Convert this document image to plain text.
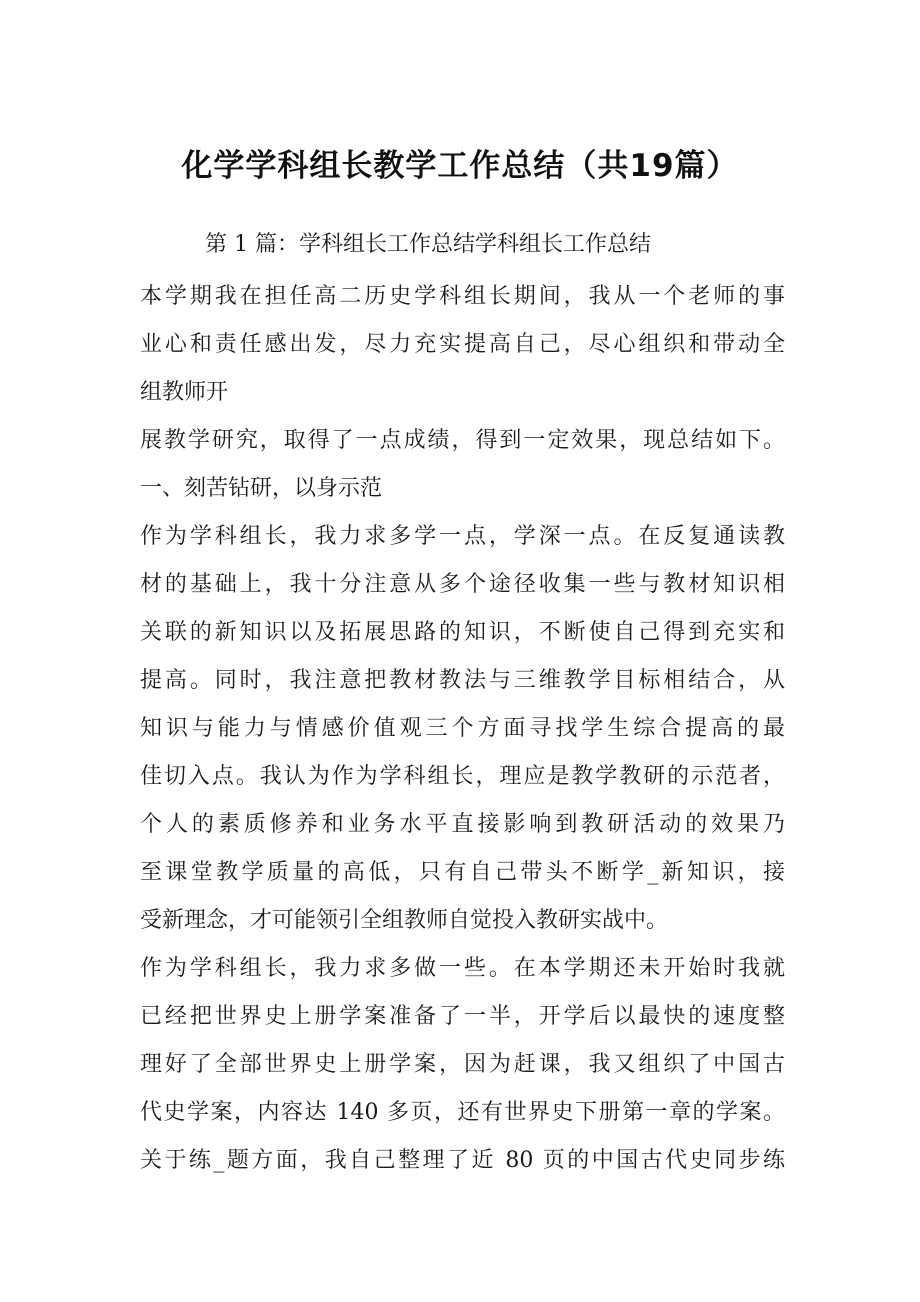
化学学科组长教学工作总结（共19篇）
第 1 篇：学科组长工作总结学科组长工作总结
本学期我在担任高二历史学科组长期间，我从一个老师的事
业心和责任感出发，尽力充实提高自己，尽心组织和带动全
组教师开
展教学研究，取得了一点成绩，得到一定效果，现总结如下。
一、刻苦钻研，以身示范
作为学科组长，我力求多学一点，学深一点。在反复通读教
材的基础上，我十分注意从多个途径收集一些与教材知识相
关联的新知识以及拓展思路的知识，不断使自己得到充实和
提高。同时，我注意把教材教法与三维教学目标相结合，从
知识与能力与情感价值观三个方面寻找学生综合提高的最
佳切入点。我认为作为学科组长，理应是教学教研的示范者，
个人的素质修养和业务水平直接影响到教研活动的效果乃
至课堂教学质量的高低，只有自己带头不断学_新知识，接
受新理念，才可能领引全组教师自觉投入教研实战中。
作为学科组长，我力求多做一些。在本学期还未开始时我就
已经把世界史上册学案准备了一半，开学后以最快的速度整
理好了全部世界史上册学案，因为赶课，我又组织了中国古
代史学案，内容达 140 多页，还有世界史下册第一章的学案。
关于练_题方面，我自己整理了近 80 页的中国古代史同步练
